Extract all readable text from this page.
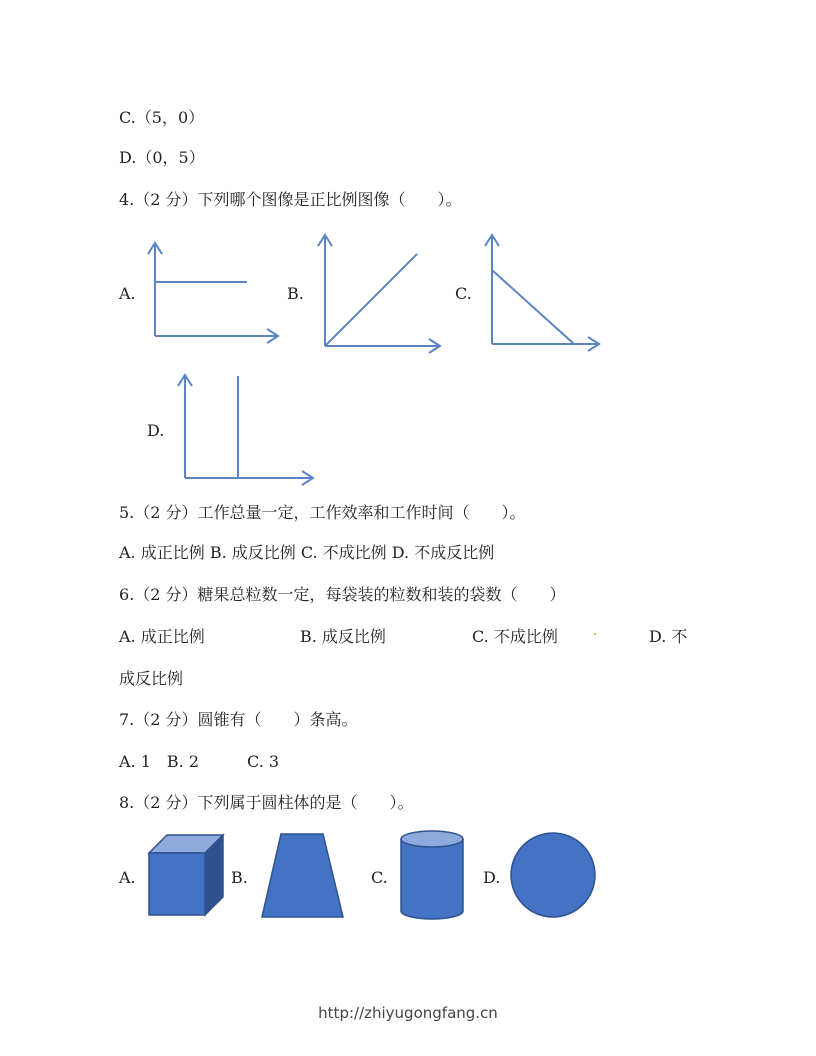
C.（5，0）
D.（0，5）
4.（2 分）下列哪个图像是正比例图像（　　）。
A.	B.	C.
D.
5.（2 分）工作总量一定，工作效率和工作时间（　　）。
A. 成正比例 B. 成反比例 C. 不成比例 D. 不成反比例
6.（2 分）糖果总粒数一定，每袋装的粒数和装的袋数（　　）
A. 成正比例	B. 成反比例	C. 不成比例	D. 不
成反比例
7.（2 分）圆锥有（　　）条高。
A. 1　B. 2　　　C. 3
8.（2 分）下列属于圆柱体的是（　　）。
A.	B.	C.	D.
http://zhiyugongfang.cn
